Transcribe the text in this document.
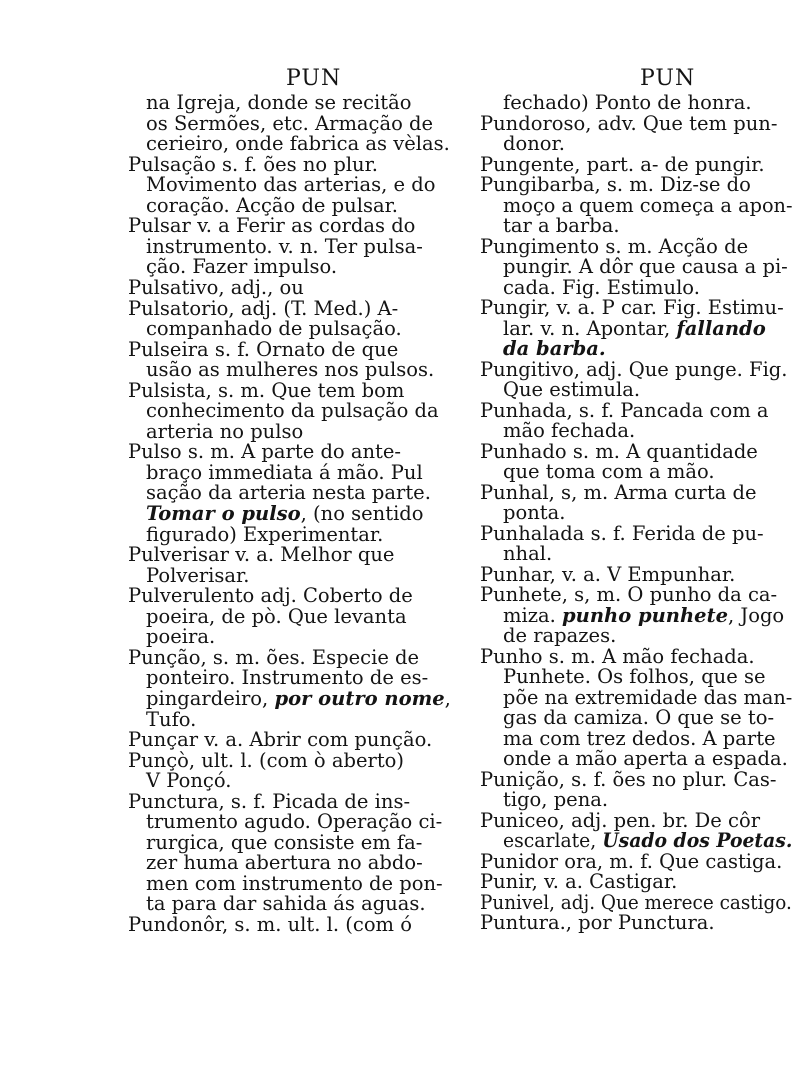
PUN
na Igreja, donde se recitão
os Sermões, etc. Armação de
cerieiro, onde fabrica as vèlas.
Pulsação s. f. ões no plur.
Movimento das arterias, e do
coração. Acção de pulsar.
Pulsar v. a Ferir as cordas do
instrumento. v. n. Ter pulsa-
ção. Fazer impulso.
Pulsativo, adj., ou
Pulsatorio, adj. (T. Med.) A-
companhado de pulsação.
Pulseira s. f. Ornato de que
usão as mulheres nos pulsos.
Pulsista, s. m. Que tem bom
conhecimento da pulsação da
arteria no pulso
Pulso s. m. A parte do ante-
braço immediata á mão. Pul
sação da arteria nesta parte.
Tomar o pulso, (no sentido
figurado) Experimentar.
Pulverisar v. a. Melhor que
Polverisar.
Pulverulento adj. Coberto de
poeira, de pò. Que levanta
poeira.
Punção, s. m. ões. Especie de
ponteiro. Instrumento de es-
pingardeiro, por outro nome,
Tufo.
Punçar v. a. Abrir com punção.
Punçò, ult. l. (com ò aberto)
V Ponçó.
Punctura, s. f. Picada de ins-
trumento agudo. Operação ci-
rurgica, que consiste em fa-
zer huma abertura no abdo-
men com instrumento de pon-
ta para dar sahida ás aguas.
Pundonôr, s. m. ult. l. (com ó
PUN
fechado) Ponto de honra.
Pundoroso, adv. Que tem pun-
donor.
Pungente, part. a- de pungir.
Pungibarba, s. m. Diz-se do
moço a quem começa a apon-
tar a barba.
Pungimento s. m. Acção de
pungir. A dôr que causa a pi-
cada. Fig. Estimulo.
Pungir, v. a. P car. Fig. Estimu-
lar. v. n. Apontar, fallando
da barba.
Pungitivo, adj. Que punge. Fig.
Que estimula.
Punhada, s. f. Pancada com a
mão fechada.
Punhado s. m. A quantidade
que toma com a mão.
Punhal, s, m. Arma curta de
ponta.
Punhalada s. f. Ferida de pu-
nhal.
Punhar, v. a. V Empunhar.
Punhete, s, m. O punho da ca-
miza. punho punhete, Jogo
de rapazes.
Punho s. m. A mão fechada.
Punhete. Os folhos, que se
põe na extremidade das man-
gas da camiza. O que se to-
ma com trez dedos. A parte
onde a mão aperta a espada.
Punição, s. f. ões no plur. Cas-
tigo, pena.
Puniceo, adj. pen. br. De côr
escarlate, Usado dos Poetas.
Punidor ora, m. f. Que castiga.
Punir, v. a. Castigar.
Punivel, adj. Que merece castigo.
Puntura., por Punctura.
